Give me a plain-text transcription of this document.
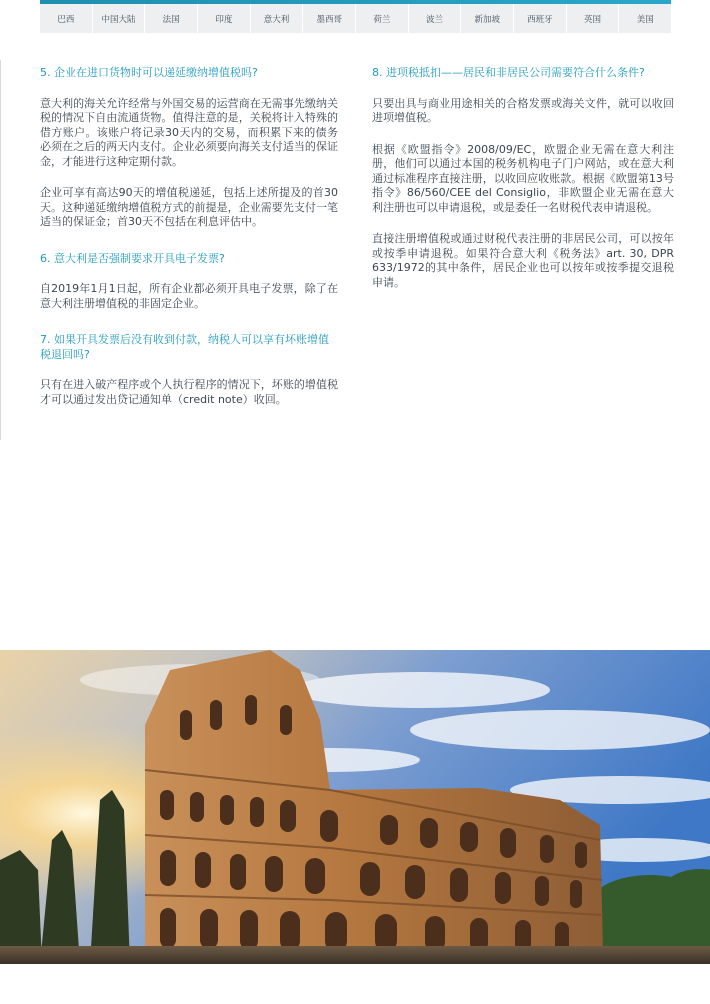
巴西	中国大陆	法国	印度	意大利	墨西哥	荷兰	波兰	新加坡	西班牙	英国	美国
5. 企业在进口货物时可以递延缴纳增值税吗?

意大利的海关允许经常与外国交易的运营商在无需事先缴纳关税的情况下自由流通货物。值得注意的是，关税将计入特殊的借方账户。该账户将记录30天内的交易，而积累下来的债务必须在之后的两天内支付。企业必须要向海关支付适当的保证金，才能进行这种定期付款。

企业可享有高达90天的增值税递延，包括上述所提及的首30天。这种递延缴纳增值税方式的前提是，企业需要先支付一笔适当的保证金；首30天不包括在利息评估中。

6. 意大利是否强制要求开具电子发票?

自2019年1月1日起，所有企业都必须开具电子发票，除了在意大利注册增值税的非固定企业。

7. 如果开具发票后没有收到付款，纳税人可以享有坏账增值税退回吗?

只有在进入破产程序或个人执行程序的情况下，坏账的增值税才可以通过发出贷记通知单（credit note）收回。

8. 进项税抵扣——居民和非居民公司需要符合什么条件?

只要出具与商业用途相关的合格发票或海关文件，就可以收回进项增值税。

根据《欧盟指令》2008/09/EC，欧盟企业无需在意大利注册，他们可以通过本国的税务机构电子门户网站，或在意大利通过标准程序直接注册，以收回应收账款。根据《欧盟第13号指令》86/560/CEE del Consiglio，非欧盟企业无需在意大利注册也可以申请退税，或是委任一名财税代表申请退税。

直接注册增值税或通过财税代表注册的非居民公司，可以按年或按季申请退税。如果符合意大利《税务法》art. 30, DPR 633/1972的其中条件，居民企业也可以按年或按季提交退税申请。
